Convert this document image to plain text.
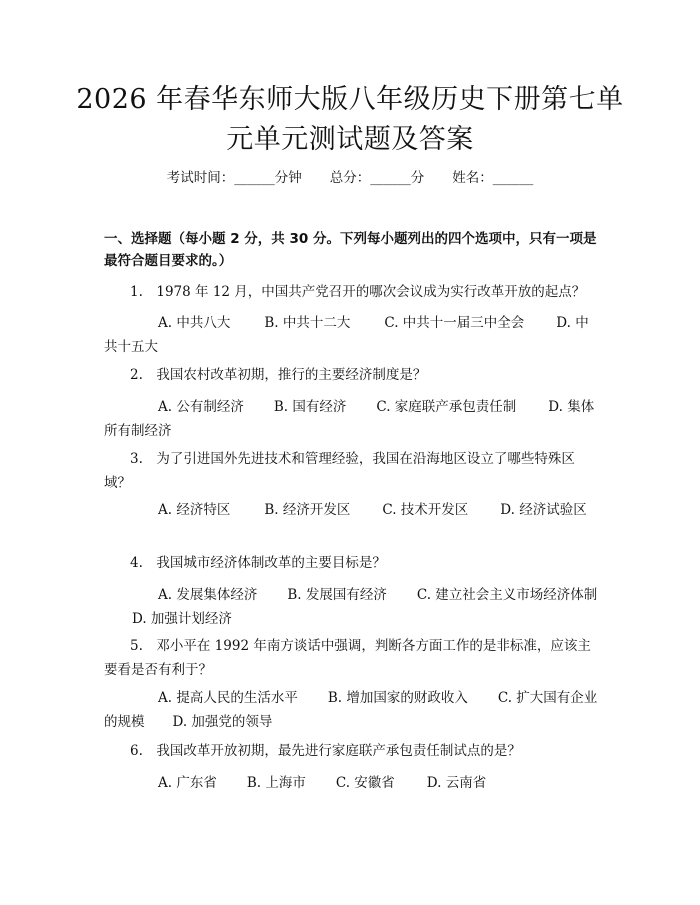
2026 年春华东师大版八年级历史下册第七单
元单元测试题及答案
考试时间：______分钟 总分：______分 姓名：______
一、选择题（每小题 2 分，共 30 分。下列每小题列出的四个选项中，只有一项是最符合题目要求的。）

1.　1978 年 12 月，中国共产党召开的哪次会议成为实行改革开放的起点？

A. 中共八大	B. 中共十二大	C. 中共十一届三中全会 D. 中共十五大

2.　我国农村改革初期，推行的主要经济制度是？

A. 公有制经济 B. 国有经济 C. 家庭联产承包责任制 D. 集体所有制经济

3.　为了引进国外先进技术和管理经验，我国在沿海地区设立了哪些特殊区域？

A. 经济特区	B. 经济开发区 C. 技术开发区 D. 经济试验区

4.　我国城市经济体制改革的主要目标是？

A. 发展集体经济 B. 发展国有经济 C. 建立社会主义市场经济体制D. 加强计划经济

5.　邓小平在 1992 年南方谈话中强调，判断各方面工作的是非标准，应该主要看是否有利于？

A. 提高人民的生活水平 B. 增加国家的财政收入 C. 扩大国有企业的规模 D. 加强党的领导

6.　我国改革开放初期，最先进行家庭联产承包责任制试点的是？

A. 广东省 B. 上海市 C. 安徽省 D. 云南省
